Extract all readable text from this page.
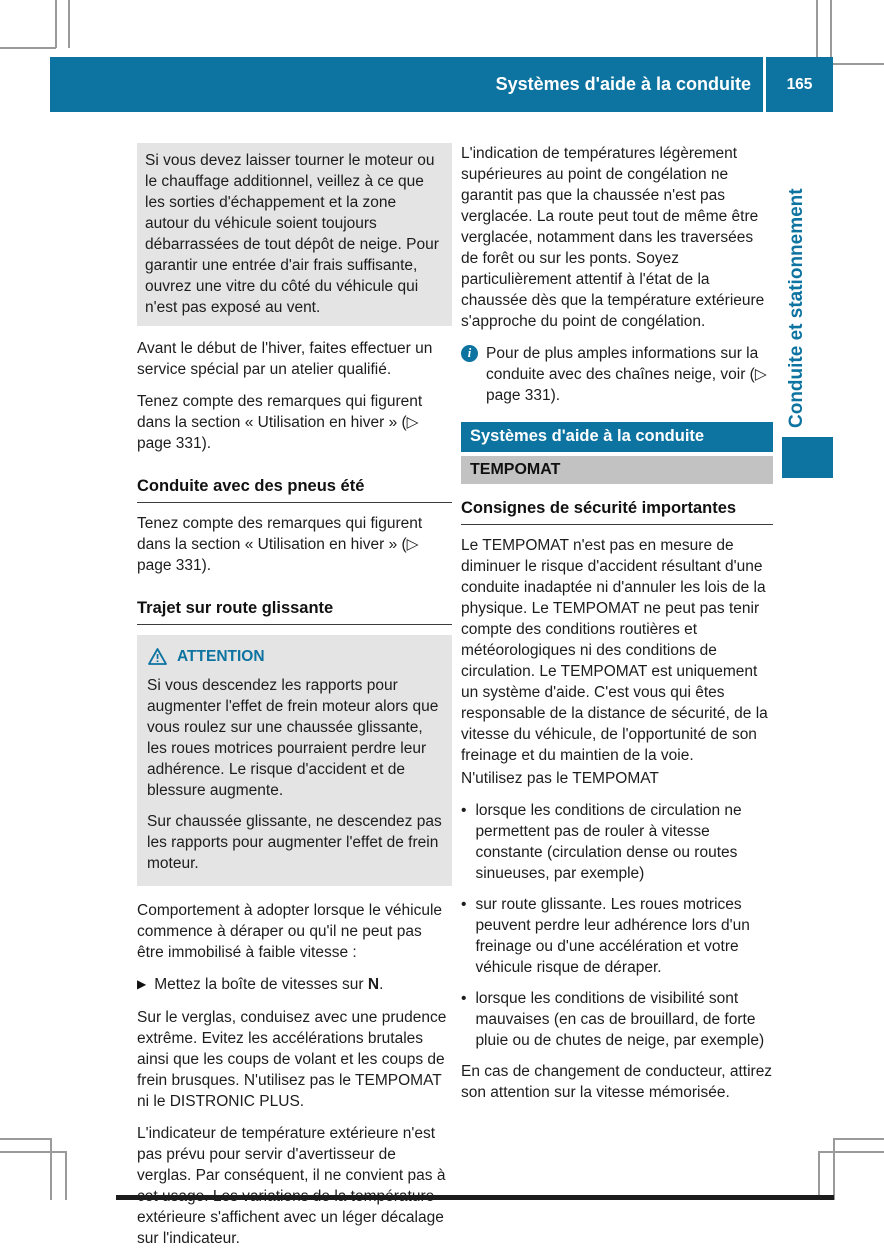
Systèmes d'aide à la conduite 165
Conduite et stationnement
Si vous devez laisser tourner le moteur ou le chauffage additionnel, veillez à ce que les sorties d'échappement et la zone autour du véhicule soient toujours débarrassées de tout dépôt de neige. Pour garantir une entrée d'air frais suffisante, ouvrez une vitre du côté du véhicule qui n'est pas exposé au vent.

Avant le début de l'hiver, faites effectuer un service spécial par un atelier qualifié.

Tenez compte des remarques qui figurent dans la section « Utilisation en hiver » (▷ page 331).

Conduite avec des pneus été

Tenez compte des remarques qui figurent dans la section « Utilisation en hiver » (▷ page 331).

Trajet sur route glissante
ATTENTION

Si vous descendez les rapports pour augmenter l'effet de frein moteur alors que vous roulez sur une chaussée glissante, les roues motrices pourraient perdre leur adhérence. Le risque d'accident et de blessure augmente.

Sur chaussée glissante, ne descendez pas les rapports pour augmenter l'effet de frein moteur.

Comportement à adopter lorsque le véhicule commence à déraper ou qu'il ne peut pas être immobilisé à faible vitesse :

▶ Mettez la boîte de vitesses sur N.

Sur le verglas, conduisez avec une prudence extrême. Evitez les accélérations brutales ainsi que les coups de volant et les coups de frein brusques. N'utilisez pas le TEMPOMAT ni le DISTRONIC PLUS.

L'indicateur de température extérieure n'est pas prévu pour servir d'avertisseur de verglas. Par conséquent, il ne convient pas à cet usage. Les variations de la température extérieure s'affichent avec un léger décalage sur l'indicateur.

L'indication de températures légèrement supérieures au point de congélation ne garantit pas que la chaussée n'est pas verglacée. La route peut tout de même être verglacée, notamment dans les traversées de forêt ou sur les ponts. Soyez particulièrement attentif à l'état de la chaussée dès que la température extérieure s'approche du point de congélation.

i Pour de plus amples informations sur la conduite avec des chaînes neige, voir (▷ page 331).
Systèmes d'aide à la conduite
TEMPOMAT
Consignes de sécurité importantes

Le TEMPOMAT n'est pas en mesure de diminuer le risque d'accident résultant d'une conduite inadaptée ni d'annuler les lois de la physique. Le TEMPOMAT ne peut pas tenir compte des conditions routières et météorologiques ni des conditions de circulation. Le TEMPOMAT est uniquement un système d'aide. C'est vous qui êtes responsable de la distance de sécurité, de la vitesse du véhicule, de l'opportunité de son freinage et du maintien de la voie.

N'utilisez pas le TEMPOMAT

• lorsque les conditions de circulation ne permettent pas de rouler à vitesse constante (circulation dense ou routes sinueuses, par exemple)
• sur route glissante. Les roues motrices peuvent perdre leur adhérence lors d'un freinage ou d'une accélération et votre véhicule risque de déraper.
• lorsque les conditions de visibilité sont mauvaises (en cas de brouillard, de forte pluie ou de chutes de neige, par exemple)

En cas de changement de conducteur, attirez son attention sur la vitesse mémorisée.
